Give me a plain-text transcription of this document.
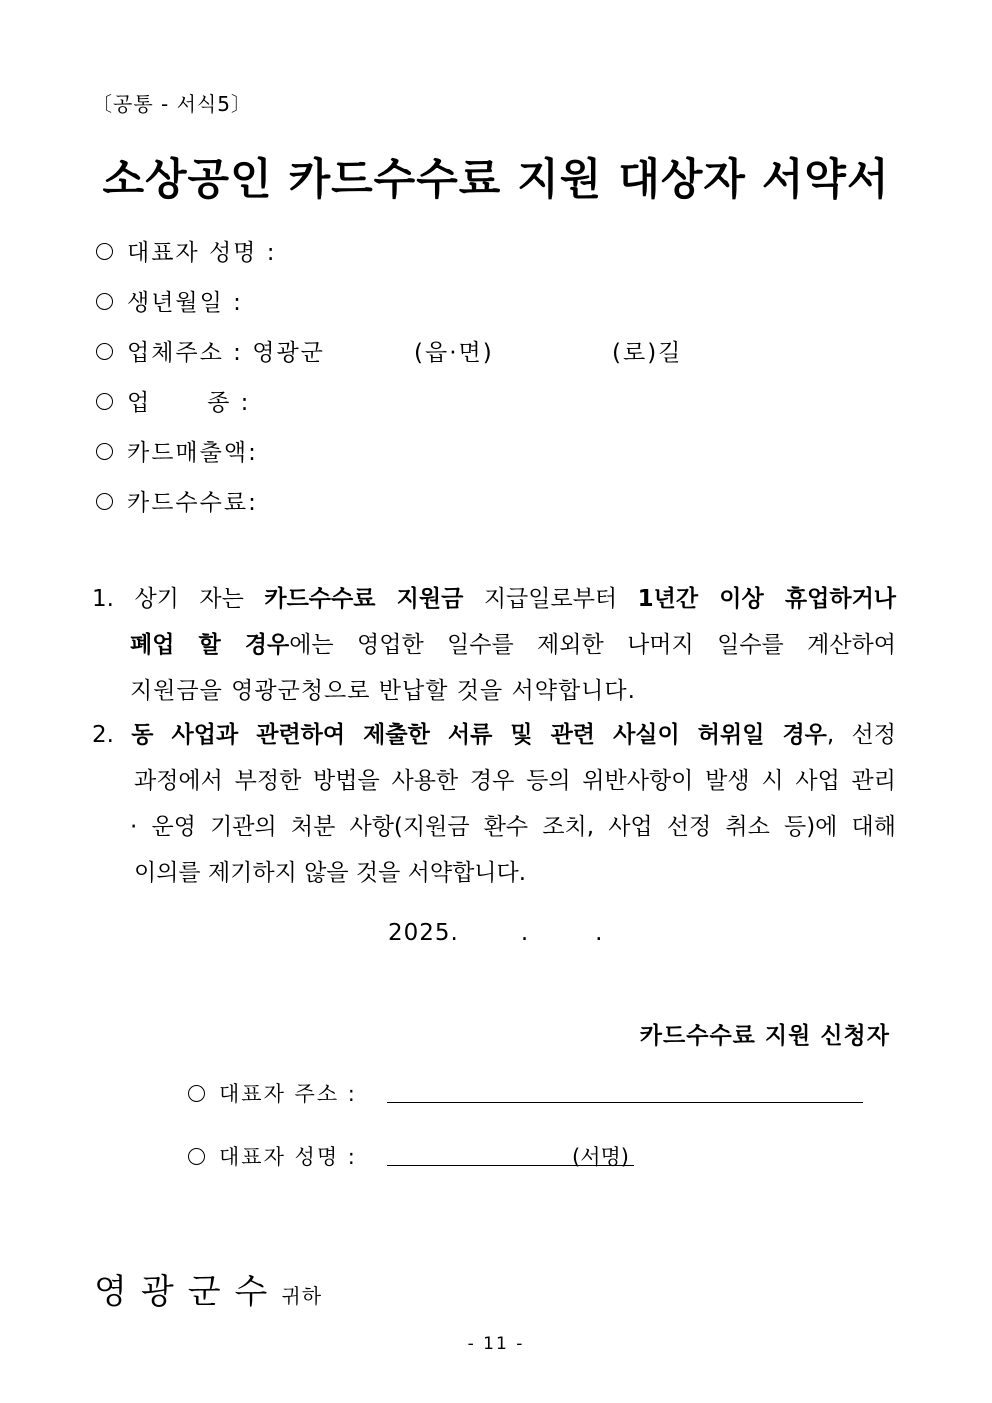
〔공통 - 서식5〕
소상공인 카드수수료 지원 대상자 서약서
대표자 성명 :
생년월일 :
업체주소 : 영광군	(읍·면)	(로)길
업      종 :
카드매출액:
카드수수료:
1. 상기 자는 카드수수료 지원금 지급일로부터 1년간 이상 휴업하거나
폐업 할 경우에는 영업한 일수를 제외한 나머지 일수를 계산하여
지원금을 영광군청으로 반납할 것을 서약합니다.
2. 동 사업과 관련하여 제출한 서류 및 관련 사실이 허위일 경우, 선정
과정에서 부정한 방법을 사용한 경우 등의 위반사항이 발생 시 사업 관리
· 운영 기관의 처분 사항(지원금 환수 조치, 사업 선정 취소 등)에 대해
이의를 제기하지 않을 것을 서약합니다.
2025.	.	.
카드수수료 지원 신청자
대표자 주소 :
대표자 성명 :	(서명)
영광군수귀하
- 11 -
